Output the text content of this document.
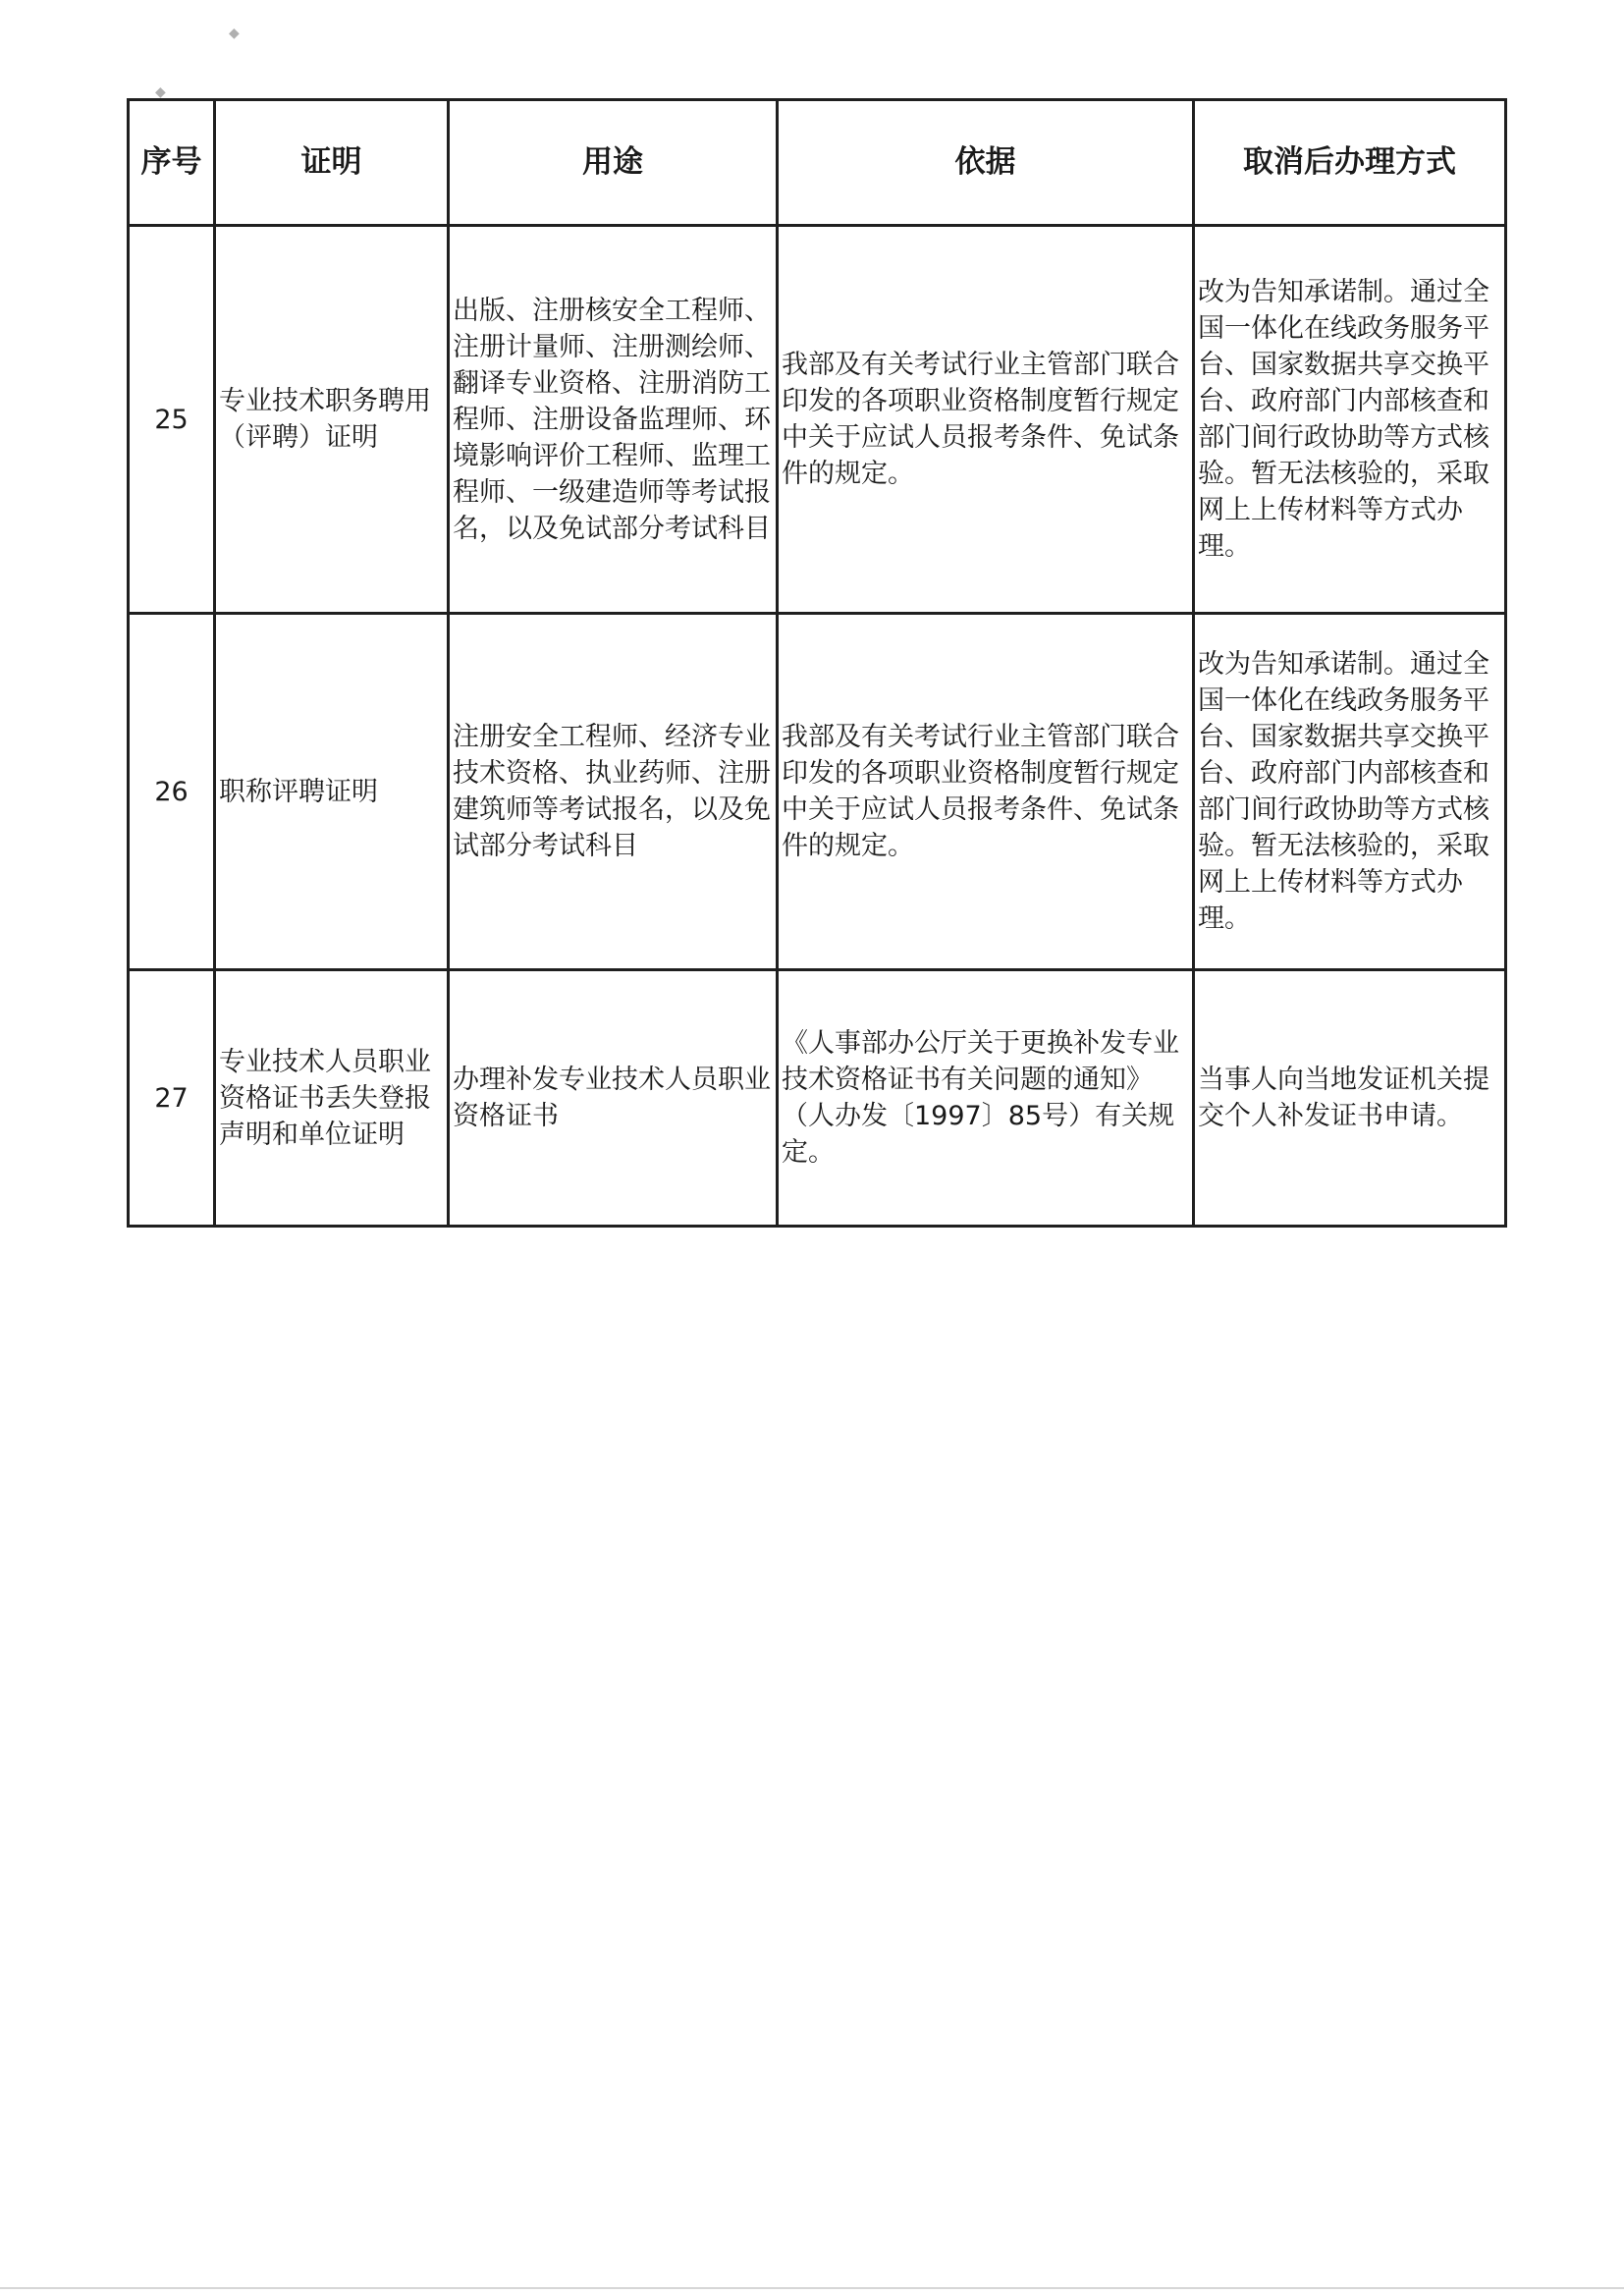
序号	证明	用途	依据	取消后办理方式
25	专业技术职务聘用（评聘）证明	出版、注册核安全工程师、注册计量师、注册测绘师、翻译专业资格、注册消防工程师、注册设备监理师、环境影响评价工程师、监理工程师、一级建造师等考试报名，以及免试部分考试科目	我部及有关考试行业主管部门联合印发的各项职业资格制度暂行规定中关于应试人员报考条件、免试条件的规定。	改为告知承诺制。通过全国一体化在线政务服务平台、国家数据共享交换平台、政府部门内部核查和部门间行政协助等方式核验。暂无法核验的，采取网上上传材料等方式办理。
26	职称评聘证明	注册安全工程师、经济专业技术资格、执业药师、注册建筑师等考试报名，以及免试部分考试科目	我部及有关考试行业主管部门联合印发的各项职业资格制度暂行规定中关于应试人员报考条件、免试条件的规定。	改为告知承诺制。通过全国一体化在线政务服务平台、国家数据共享交换平台、政府部门内部核查和部门间行政协助等方式核验。暂无法核验的，采取网上上传材料等方式办理。
27	专业技术人员职业资格证书丢失登报声明和单位证明	办理补发专业技术人员职业资格证书	《人事部办公厅关于更换补发专业技术资格证书有关问题的通知》（人办发〔1997〕85号）有关规定。	当事人向当地发证机关提交个人补发证书申请。
◆
◆
